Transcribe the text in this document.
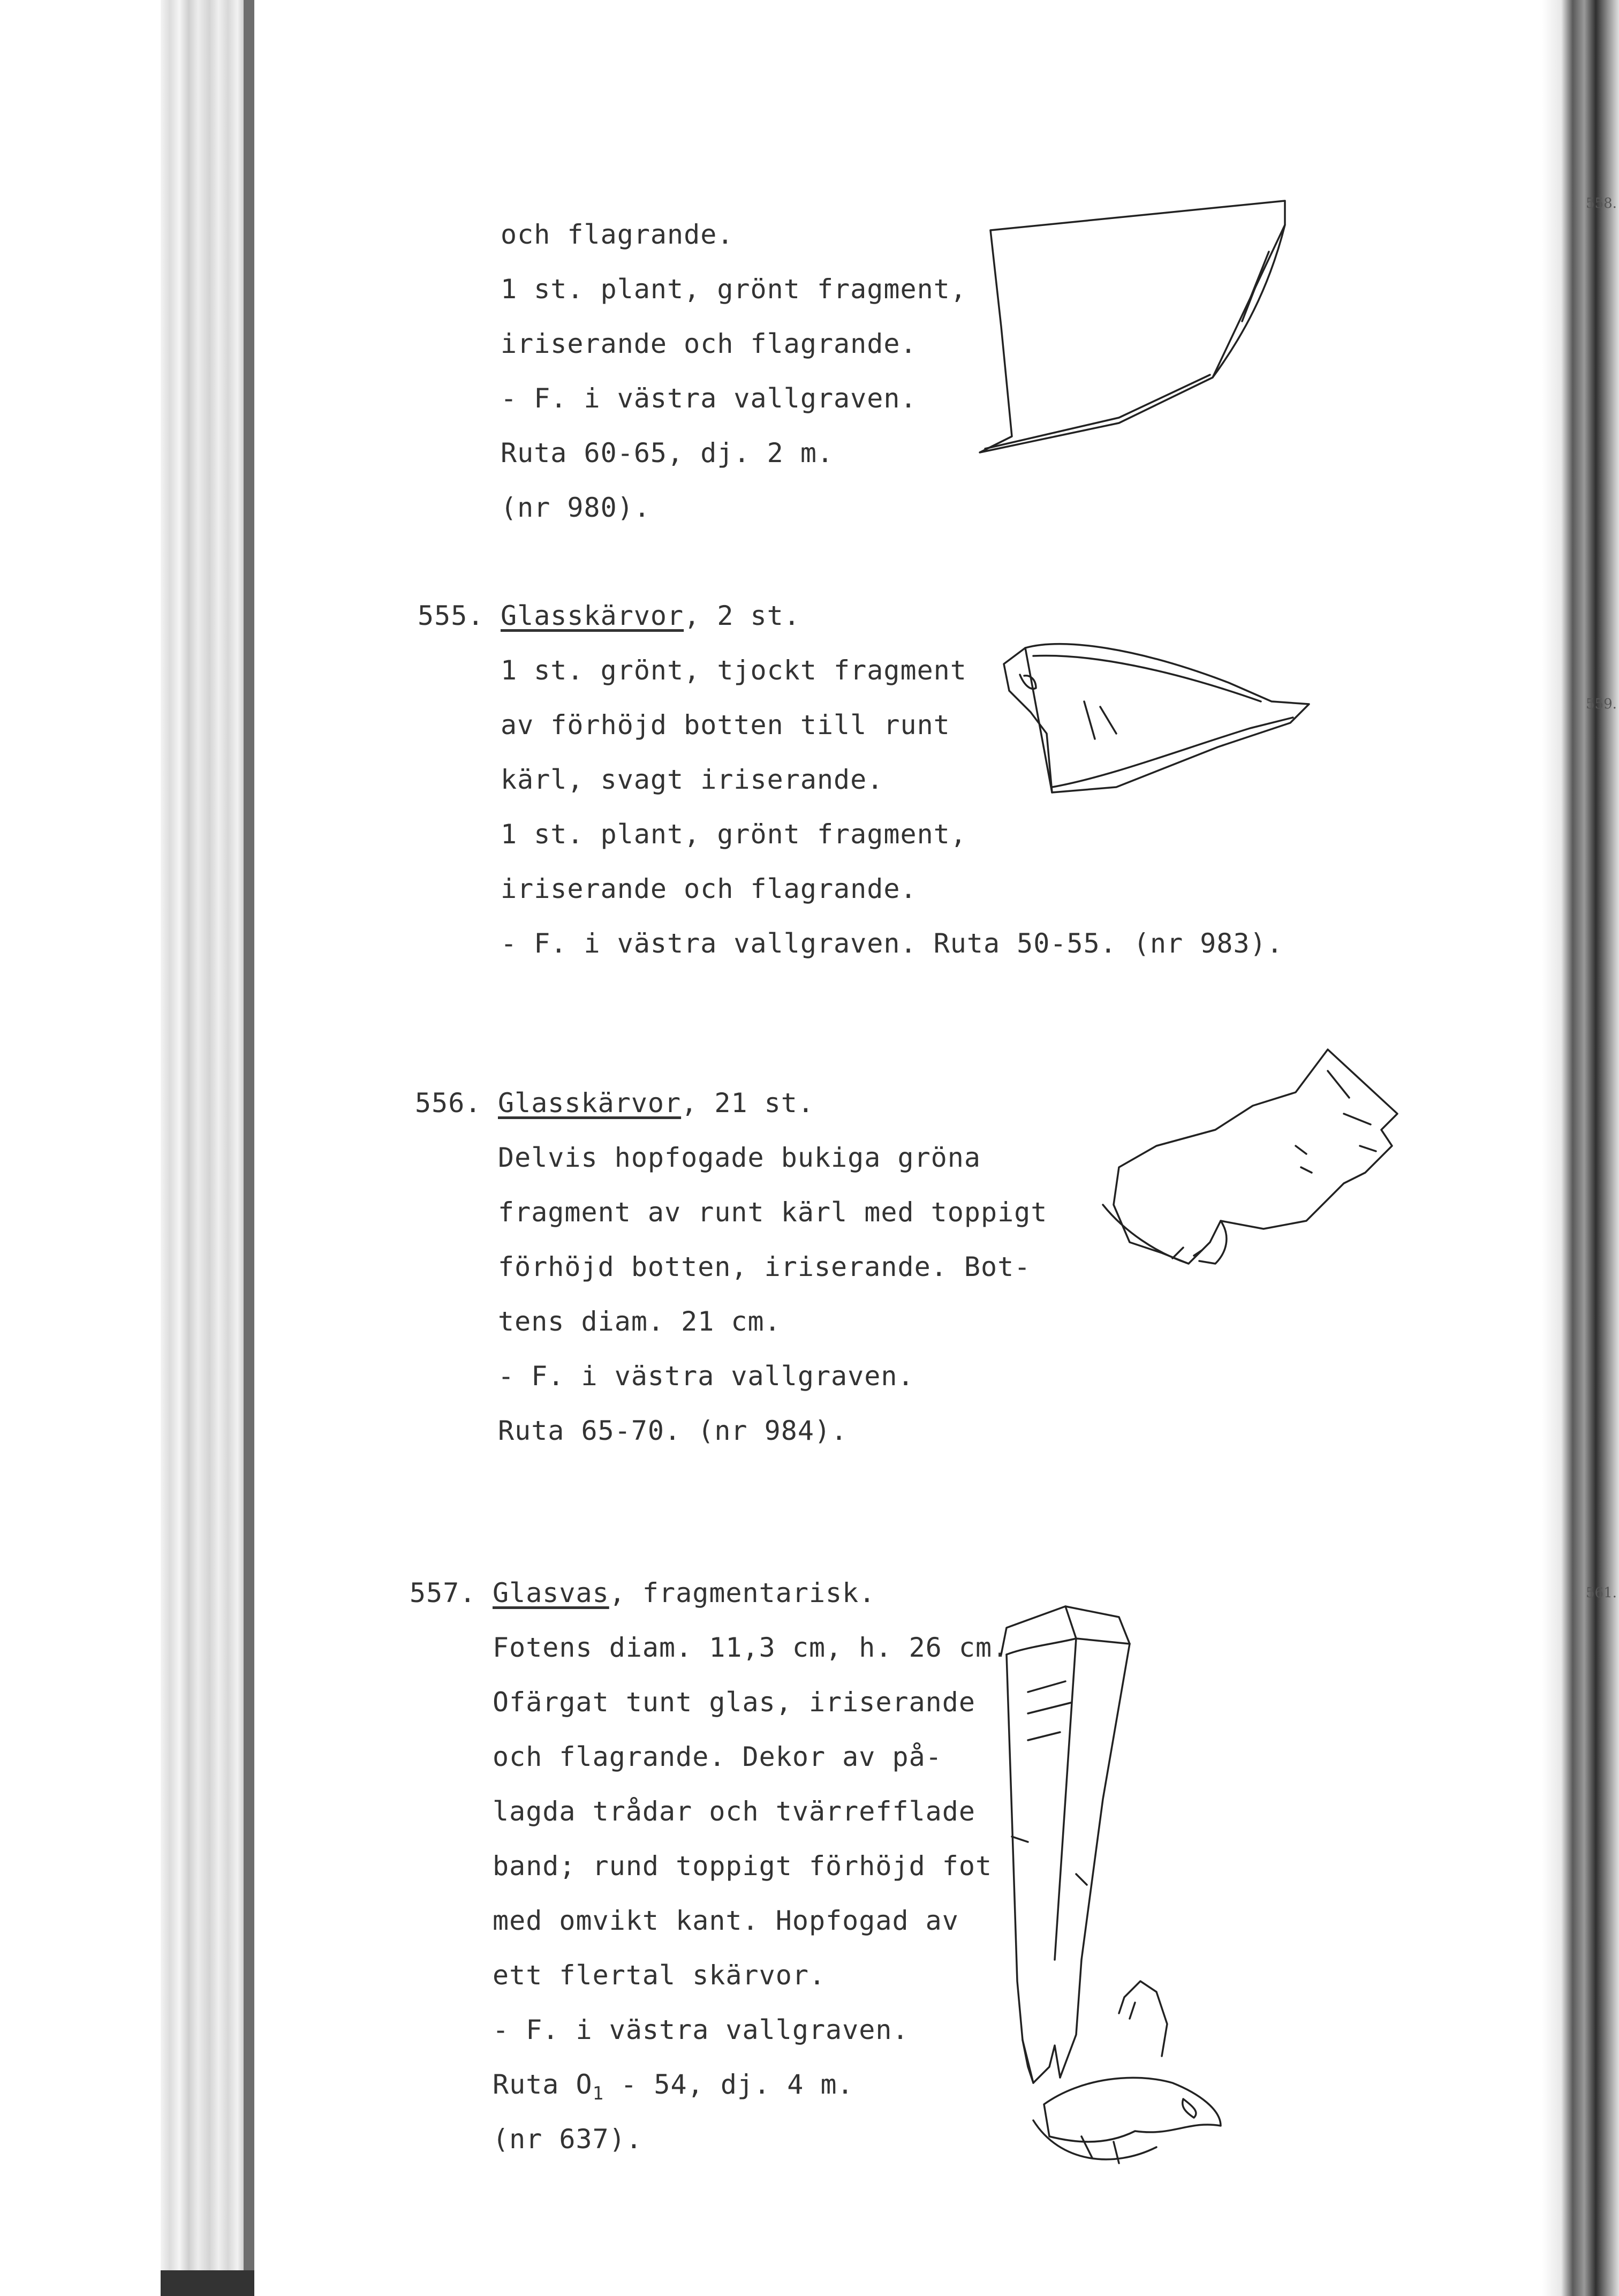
558.
559.
561.
och flagrande.
1 st. plant, grönt fragment,
iriserande och flagrande.
- F. i västra vallgraven.
Ruta 60-65, dj. 2 m.
(nr 980).
555. Glasskärvor, 2 st.
1 st. grönt, tjockt fragment
av förhöjd botten till runt
kärl, svagt iriserande.
1 st. plant, grönt fragment,
iriserande och flagrande.
- F. i västra vallgraven. Ruta 50-55. (nr 983).
556. Glasskärvor, 21 st.
Delvis hopfogade bukiga gröna
fragment av runt kärl med toppigt
förhöjd botten, iriserande. Bot-
tens diam. 21 cm.
- F. i västra vallgraven.
Ruta 65-70. (nr 984).
557. Glasvas, fragmentarisk.
Fotens diam. 11,3 cm, h. 26 cm.
Ofärgat tunt glas, iriserande
och flagrande. Dekor av på-
lagda trådar och tvärrefflade
band; rund toppigt förhöjd fot
med omvikt kant. Hopfogad av
ett flertal skärvor.
- F. i västra vallgraven.
Ruta $O_1 - 54$, dj. 4 m.
(nr 637).
